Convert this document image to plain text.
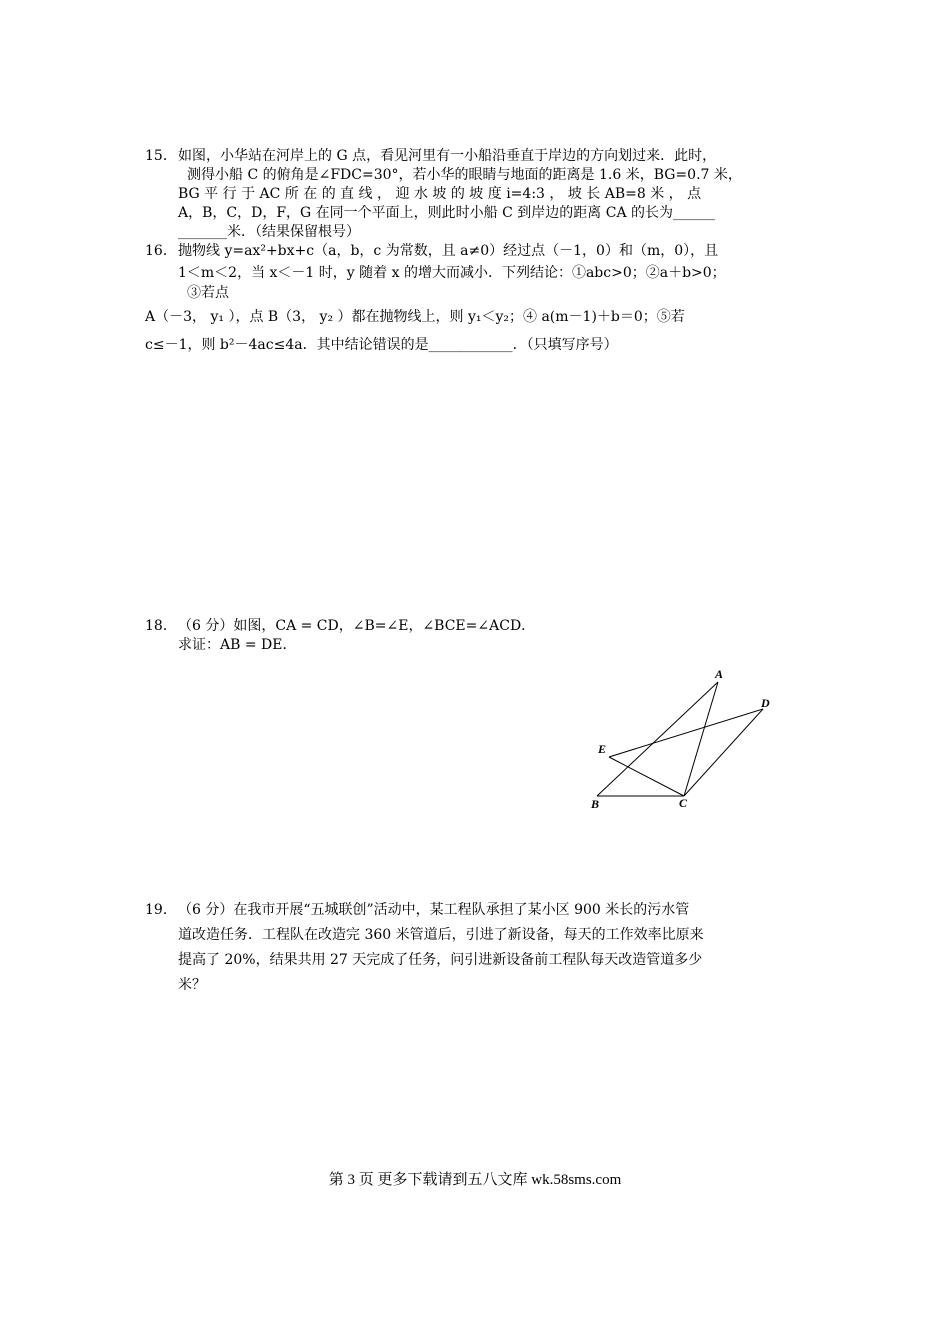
15． 如图，小华站在河岸上的 G 点，看见河里有一小船沿垂直于岸边的方向划过来．此时，
测得小船 C 的俯角是∠FDC=30°，若小华的眼睛与地面的距离是 1.6 米，BG=0.7 米，
BG 平 行 于 AC 所 在 的 直 线 ， 迎 水 坡 的 坡 度 i=4:3 ， 坡 长 AB=8 米 ， 点
A，B，C，D，F，G 在同一个平面上，则此时小船 C 到岸边的距离 CA 的长为______
_______米．（结果保留根号）
16． 抛物线 y=ax²+bx+c（a，b，c 为常数，且 a≠0）经过点（－1，0）和（m，0），且
1＜m＜2，当 x＜－1 时，y 随着 x 的增大而减小．下列结论：①abc>0；②a＋b>0；
③若点
A（－3， y₁ ），点 B（3， y₂ ）都在抛物线上，则 y₁＜y₂；④ a(m－1)＋b＝0；⑤若
c≤－1，则 b²－4ac≤4a．其中结论错误的是____________．（只填写序号）
18． （6 分）如图，CA = CD，∠B=∠E，∠BCE=∠ACD．
求证：AB = DE．
A
D
E
B	C
19． （6 分）在我市开展“五城联创”活动中，某工程队承担了某小区 900 米长的污水管
道改造任务．工程队在改造完 360 米管道后，引进了新设备，每天的工作效率比原来
提高了 20%，结果共用 27 天完成了任务，问引进新设备前工程队每天改造管道多少
米？
第 3 页 更多下载请到五八文库 wk.58sms.com
